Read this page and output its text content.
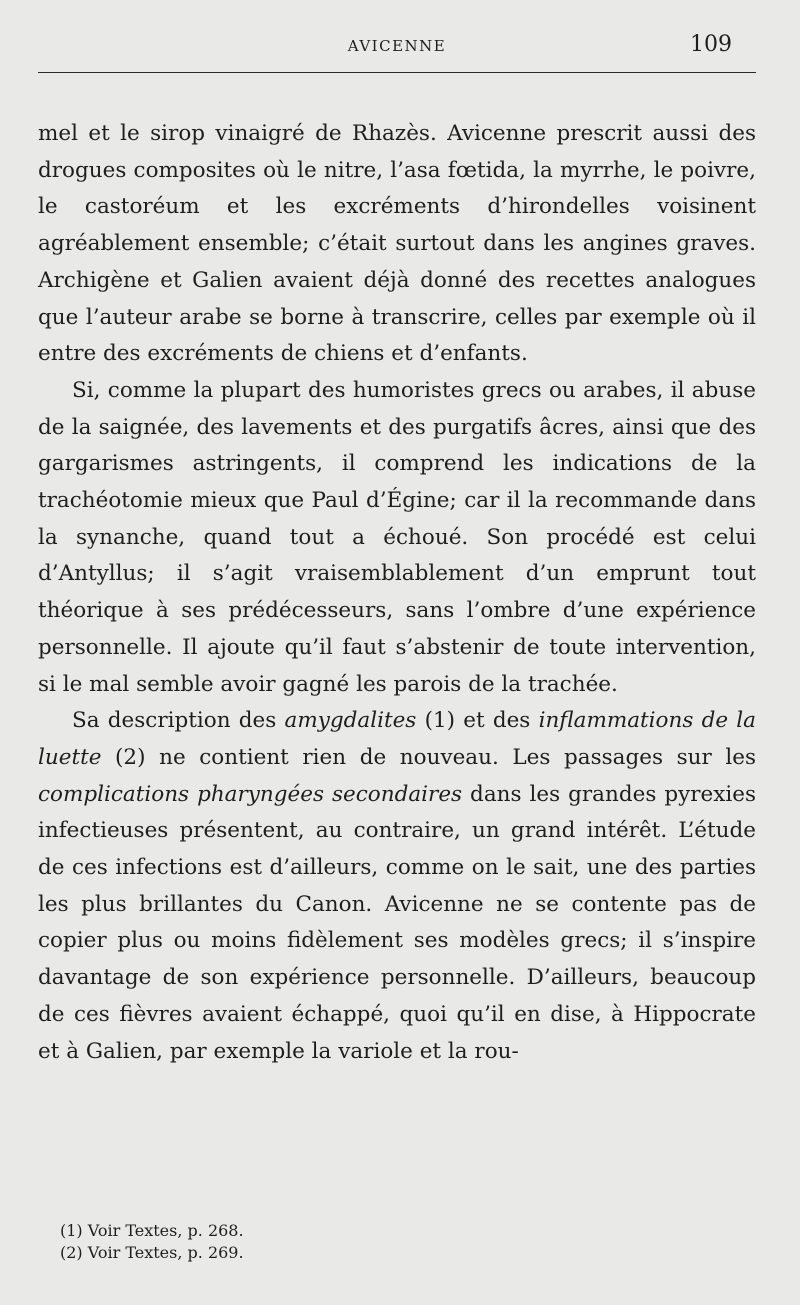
AVICENNE	109

mel et le sirop vinaigré de Rhazès. Avicenne prescrit aussi des drogues composites où le nitre, l’asa fœtida, la myrrhe, le poivre, le castoréum et les excréments d’hirondelles voisinent agréablement ensemble; c’était surtout dans les angines graves. Archigène et Galien avaient déjà donné des recettes analogues que l’auteur arabe se borne à transcrire, celles par exemple où il entre des excréments de chiens et d’enfants.

Si, comme la plupart des humoristes grecs ou arabes, il abuse de la saignée, des lavements et des purgatifs âcres, ainsi que des gargarismes astringents, il comprend les indications de la trachéotomie mieux que Paul d’Égine; car il la recommande dans la synanche, quand tout a échoué. Son procédé est celui d’Antyllus; il s’agit vraisemblablement d’un emprunt tout théorique à ses prédécesseurs, sans l’ombre d’une expérience personnelle. Il ajoute qu’il faut s’abstenir de toute intervention, si le mal semble avoir gagné les parois de la trachée.

Sa description des amygdalites (1) et des inflammations de la luette (2) ne contient rien de nouveau. Les passages sur les complications pharyngées secondaires dans les grandes pyrexies infectieuses présentent, au contraire, un grand intérêt. L’étude de ces infections est d’ailleurs, comme on le sait, une des parties les plus brillantes du Canon. Avicenne ne se contente pas de copier plus ou moins fidèlement ses modèles grecs; il s’inspire davantage de son expérience personnelle. D’ailleurs, beaucoup de ces fièvres avaient échappé, quoi qu’il en dise, à Hippocrate et à Galien, par exemple la variole et la rou-

(1) Voir Textes, p. 268.
(2) Voir Textes, p. 269.
